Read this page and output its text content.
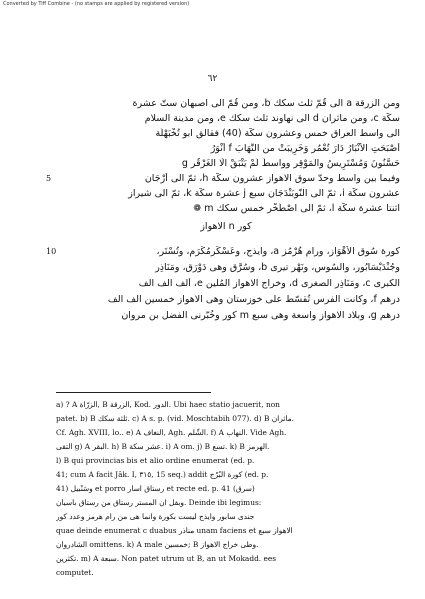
Converted by Tiff Combine - (no stamps are applied by registered version)
٦٢
ومن الزرقة a الى قُمّ ثلث سكك b، ومن قُمّ الى اصبهان ستّ عشرة
سكّة c، ومن ماثران d الى نهاوند ثلث سكك e، ومن مدينة السلام
الى واسط العراق خمس وعشرون سكّة (40) فقالق ابو تُخْبَهْلَة
أَصْبَحَتِ الأَنْبَارُ دَارَ تُعْمُر وَخَرِيبَتْ من النَّهَابَ f أَنْوَرُ
حَسَّنُونَ وَمُسْتَرِيسُ والمَوْقِر وواسطٌ لَمْ يَتْبَقْ الّا الغَرْقُر g
وفيما بين واسط وحدّ سوق الاهواز عشرون سكّة h، ثمّ الى أَرْجَان
5
عشرون سكّة i، ثمّ الى النّوبَنْدَجَان سبع j عشرة سكّة k، ثمّ الى شيراز
اثنتا عشرة سكّة l، ثمّ الى اصْطَخْر خمس سكك m ❁
كور n الاهواز
كورة سُوق الأَهْوَاز، ورام هُرْمُز a، وايذج، وعَسْكَرمُكْرَم، وتُسْتَر،
10
وجُنْدَيْسَابُور، والسُوس، ونَهْر تيرى b، وسُرَّق وهى دَوْرَق، ومَنَاذِر
الكبرى c، ومَنَاذِر الصغرى d، وخراج الاهواز المُلْين e، ألف الف الف
درهم f، وكانت الفرس تُقسّط على خوزستان وهى الاهواز خمسين الف الف
درهم g، وبلاد الاهواز واسعة وهى سبع m كور وخُبّرنى الفضل بن مروان
a) ? A الزرّاة, B الزرقة, Kod. الدور. Ubi haec statio jacuerit, non
patet. b) B ثلثة سكك. c) A s. p. (vid. Moschtabih 077). d) B ماثران.
Cf. Agh. XVIII, lo.. e) A النغاف, Agh. الشّلم. f) A النهاب. Vide Agh.
التقى g) A البقر. h) B عشر سكة. i) A om. j) B تسع. k) B الهرمز.
l) B qui provincias bis et alio ordine enumerat (ed. p.
41; cum A facit Jâk. I, ٣١٥, 15 seq.) addit كورة البُرْج (ed. p.
41) وسَنْبيل et porro رستاق اسار et recte ed. p. 41 (سرق)
وبقل ان المستر رستاق من رستاق باسيان. Deinde ibi legimus:
جندى سابور وايذج ليست بكورة وانما هى من رام هرمز وعدد كور
quae deinde enumerat c duabus مناذر unam faciens et الاهواز سبع
الشادروان omittens. k) A male خمسين; B وطى خراج الاهواز.
تكثرين. m) A سبعة. Non patet utrum ut B, an ut Mokadd. ees
computet.
